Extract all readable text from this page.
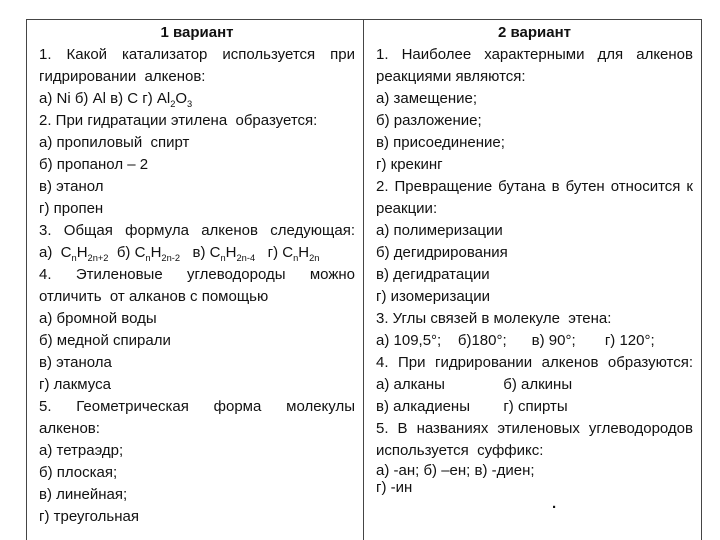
1 вариант
1. Какой катализатор используется при
гидрировании  алкенов:
а) Ni б) Al в) C г) $Al_2O_3$
2. При гидратации этилена  образуется:
а) пропиловый  спирт
б) пропанол – 2
в) этанол
г) пропен
3. Общая формула алкенов следующая:
а)  $C_nH_{2n+2}$  б) $C_nH_{2n-2}$   в) $C_nH_{2n-4}$   г) $C_nH_{2n}$
4. Этиленовые углеводороды можно
отличить  от алканов с помощью
а) бромной воды
б) медной спирали
в) этанола
г) лакмуса
5. Геометрическая форма молекулы
алкенов:
а) тетраэдр;
б) плоская;
в) линейная;
г) треугольная
2 вариант
1. Наиболее характерными для алкенов
реакциями являются:
а) замещение;
б) разложение;
в) присоединение;
г) крекинг
2. Превращение бутана в бутен относится к
реакции:
а) полимеризации
б) дегидрирования
в) дегидратации
г) изомеризации
3. Углы связей в молекуле  этена:
а) 109,5°;    б)180°;      в) 90°;       г) 120°;
4. При гидрировании алкенов образуются:
а) алканы              б) алкины
в) алкадиены        г) спирты
5. В названиях этиленовых углеводородов
используется  суффикс:
а) -ан; б) –ен; в) -диен;
г) -ин
.
